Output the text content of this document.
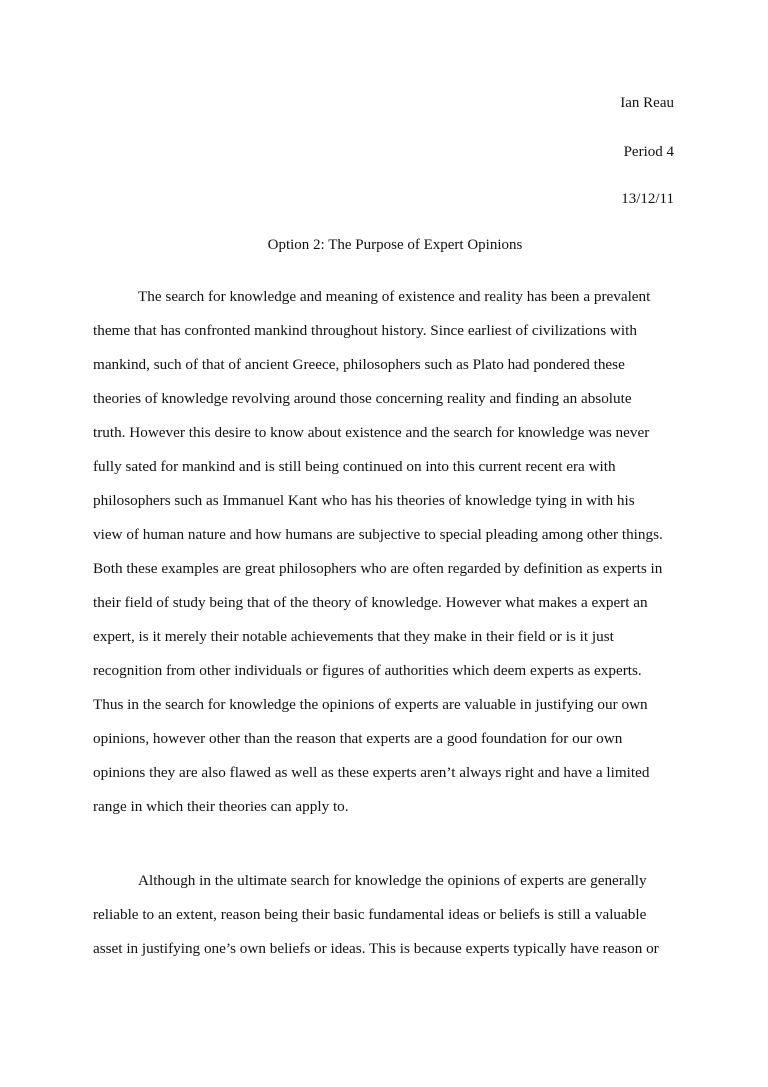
Ian Reau
Period 4
13/12/11
Option 2: The Purpose of Expert Opinions
The search for knowledge and meaning of existence and reality has been a prevalent
theme that has confronted mankind throughout history. Since earliest of civilizations with
mankind, such of that of ancient Greece, philosophers such as Plato had pondered these
theories of knowledge revolving around those concerning reality and finding an absolute
truth. However this desire to know about existence and the search for knowledge was never
fully sated for mankind and is still being continued on into this current recent era with
philosophers such as Immanuel Kant who has his theories of knowledge tying in with his
view of human nature and how humans are subjective to special pleading among other things.
Both these examples are great philosophers who are often regarded by definition as experts in
their field of study being that of the theory of knowledge. However what makes a expert an
expert, is it merely their notable achievements that they make in their field or is it just
recognition from other individuals or figures of authorities which deem experts as experts.
Thus in the search for knowledge the opinions of experts are valuable in justifying our own
opinions, however other than the reason that experts are a good foundation for our own
opinions they are also flawed as well as these experts aren’t always right and have a limited
range in which their theories can apply to.
Although in the ultimate search for knowledge the opinions of experts are generally
reliable to an extent, reason being their basic fundamental ideas or beliefs is still a valuable
asset in justifying one’s own beliefs or ideas. This is because experts typically have reason or
